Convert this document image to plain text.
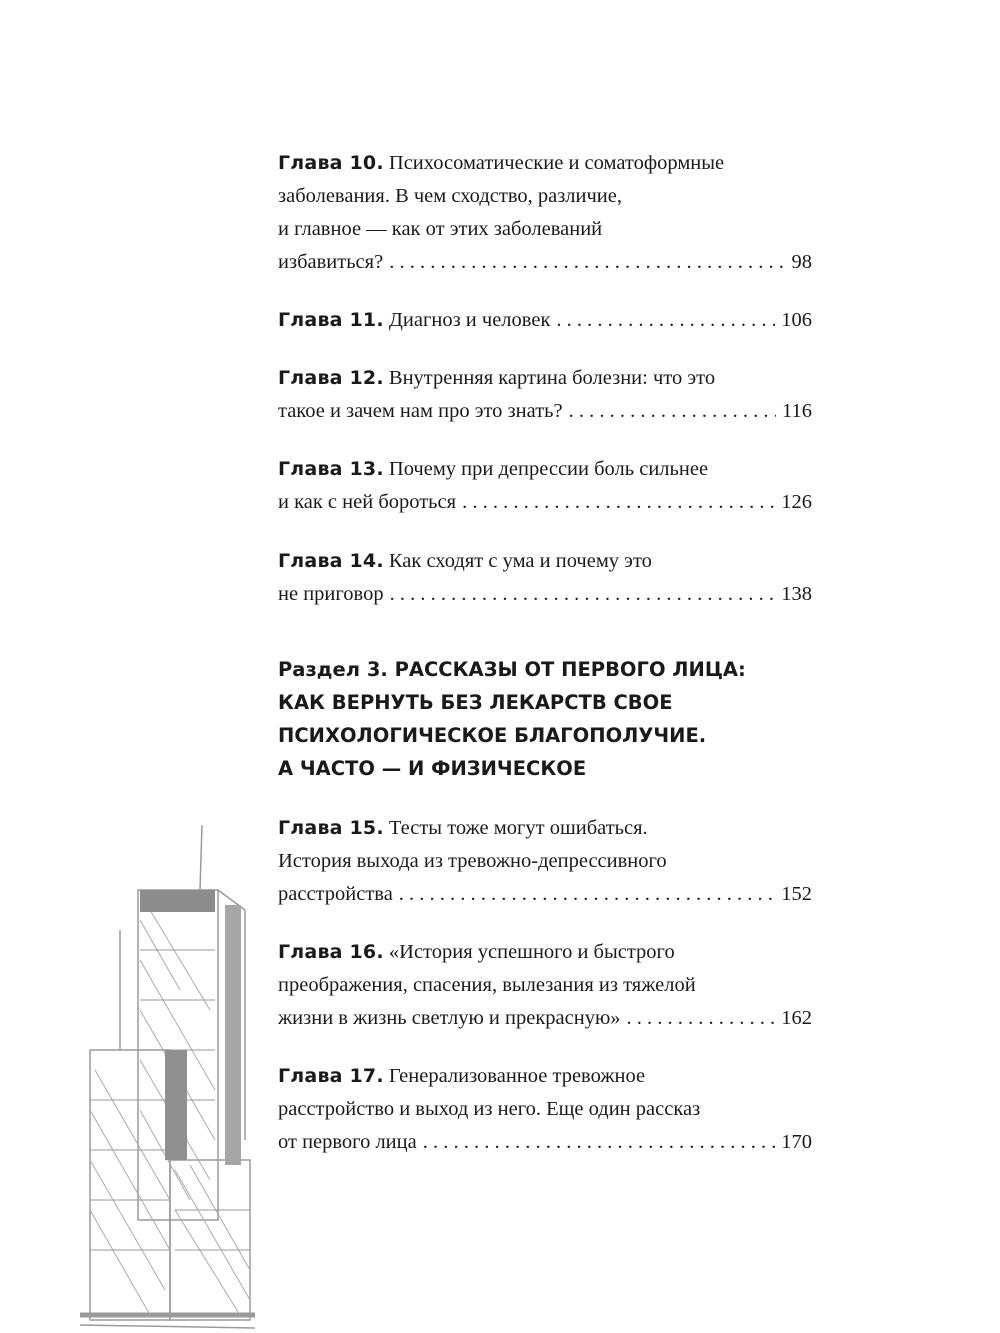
Раздел 3. РАССКАЗЫ ОТ ПЕРВОГО ЛИЦА:
КАК ВЕРНУТЬ БЕЗ ЛЕКАРСТВ СВОЕ
ПСИХОЛОГИЧЕСКОЕ БЛАГОПОЛУЧИЕ.
А ЧАСТО — И ФИЗИЧЕСКОЕ
Глава 10. Психосоматические и соматоформные
заболевания. В чем сходство, различие,
и главное — как от этих заболеваний
избавиться? . . .	98
Глава 11. Диагноз и человек . . .	106
Глава 12. Внутренняя картина болезни: что это
такое и зачем нам про это знать? . . .	116
Глава 13. Почему при депрессии боль сильнее
и как с ней бороться . . .	126
Глава 14. Как сходят с ума и почему это
не приговор . . .	138
Глава 15. Тесты тоже могут ошибаться.
История выхода из тревожно-депрессивного
расстройства . . .	152
Глава 16. «История успешного и быстрого
преображения, спасения, вылезания из тяжелой
жизни в жизнь светлую и прекрасную» . . .	162
Глава 17. Генерализованное тревожное
расстройство и выход из него. Еще один рассказ
от первого лица . . .	170
